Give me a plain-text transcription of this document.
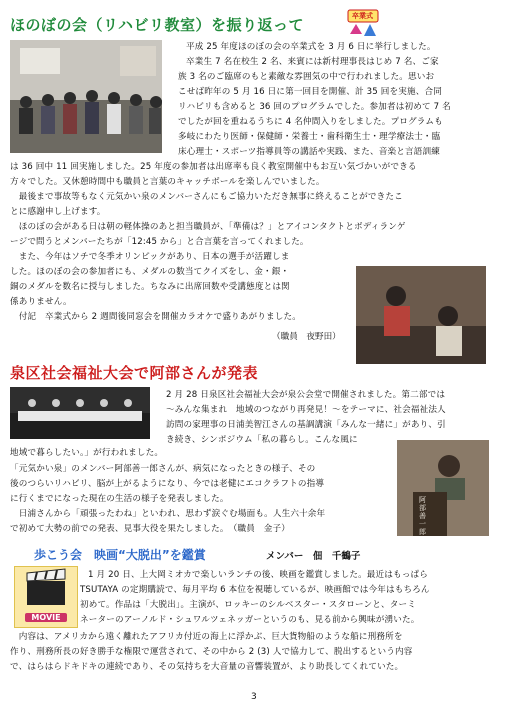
ほのぼの会（リハビリ教室）を振り返って	卒業式
平成 25 年度ほのぼの会の卒業式を 3 月 6 日に挙行しました。
卒業生 7 名在校生 2 名、来賓には新村理事長はじめ 7 名、ご家
族 3 名のご臨席のもと素敵な雰囲気の中で行われました。思いお
こせば昨年の 5 月 16 日に第一回目を開催、計 35 回を実施、合同
リハビリも含めると 36 回のプログラムでした。参加者は初めて 7 名
でしたが回を重ねるうちに 4 名仲間入りをしました。プログラムも
多岐にわたり医師・保健師・栄養士・歯科衛生士・理学療法士・臨
床心理士・スポーツ指導員等の講話や実践、また、音楽と言語訓練
は 36 回中 11 回実施しました。25 年度の参加者は出席率も良く教室開催中もお互い気づかいができる
方々でした。又休憩時間中も職員と言葉のキャッチボールを楽しんでいました。
　最後まで事故等もなく元気かい泉のメンバーさんにもご協力いただき無事に終えることができたこ
とに感謝申し上げます。
　ほのぼの会がある日は朝の軽体操のあと担当職員が、「準備は？」とアイコンタクトとボディランゲ
ージで問うとメンバーたちが「12:45 から」と合言葉を言ってくれました。
　また、今年はソチで冬季オリンピックがあり、日本の選手が活躍しま
した。ほのぼの会の参加者にも、メダルの数当てクイズをし、金・銀・
銅のメダルを数名に授与しました。ちなみに出席回数や受講態度とは関
係ありません。
　付記　卒業式から 2 週間後同窓会を開催カラオケで盛りあがりました。
（職員　夜野田）
泉区社会福祉大会で阿部さんが発表
2 月 28 日泉区社会福祉大会が泉公会堂で開催されました。第二部では
～みんな集まれ　地域のつながり再発見！～をテーマに、社会福祉法人
訪問の家理事の日浦美智江さんの基調講演「みんな一緒に」があり、引
き続き、シンポジウム「私の暮らし。こんな風に
地域で暮らしたい。」が行われました。
「元気かい泉」のメンバー阿部善一郎さんが、病気になったときの様子、その
後のつらいリハビリ、脳が上がるようになり、今では老健にエコクラフトの指導
に行くまでになった現在の生活の様子を発表しました。
　日浦さんから「頑張ったわね」といわれ、思わず涙ぐむ場面も。人生六十余年
で初めて大勢の前での発表、見事大役を果たしました。　（職員　金子）
阿部 善一郎
歩こう会　映画“大脱出”を鑑賞	メンバー　佃　千鶴子
MOVIE
1 月 20 日、上大岡ミオカで楽しいランチの後、映画を鑑賞しました。最近はもっぱら
TSUTAYA の定期購読で、毎月平均 6 本位を視聴しているが、映画館では今年はもちろん
初めて。作品は「大脱出」。主演が、ロッキーのシルベスター・スタローンと、ターミ
ネーターのアーノルド・シュワルツェネッガーというのも、見る前から興味が湧いた。
　内容は、アメリカから遠く離れたアフリカ付近の海上に浮かぶ、巨大貨物船のような船に刑務所を
作り、刑務所長の好き勝手な権限で運営されて、その中から 2 (3) 人で協力して、脱出するという内容
で、はらはらドキドキの連続であり、その気持ちを大音量の音響装置が、より助長してくれていた。
3
